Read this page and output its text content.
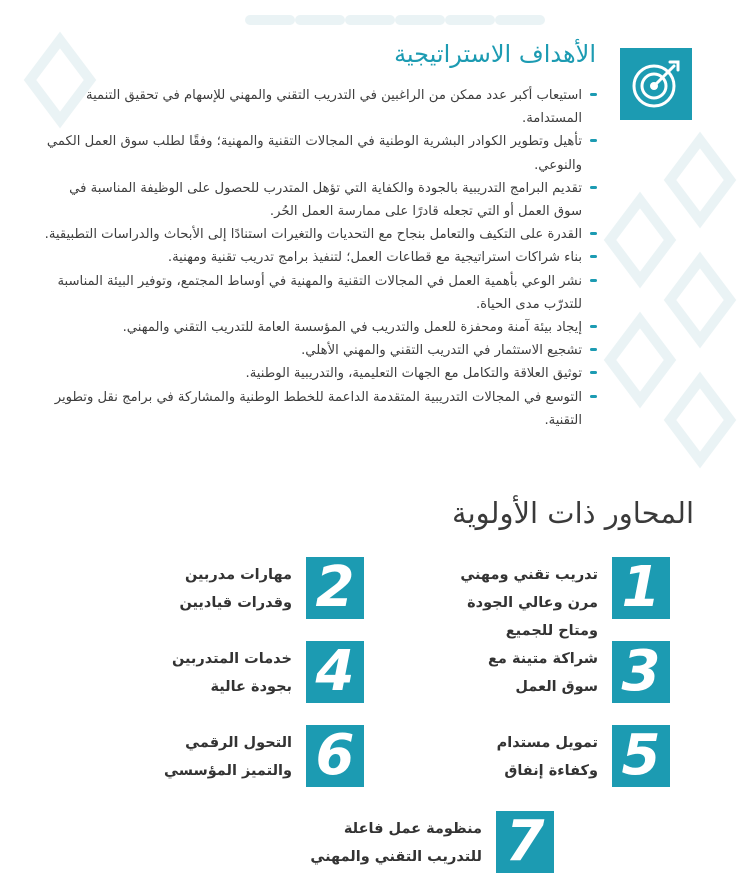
الأهداف الاستراتيجية
استيعاب أكبر عدد ممكن من الراغبين في التدريب التقني والمهني للإسهام في تحقيق التنمية المستدامة.
تأهيل وتطوير الكوادر البشرية الوطنية في المجالات التقنية والمهنية؛ وفقًا لطلب سوق العمل الكمي والنوعي.
تقديم البرامج التدريبية بالجودة والكفاية التي تؤهل المتدرب للحصول على الوظيفة المناسبة في سوق العمل أو التي تجعله قادرًا على ممارسة العمل الحُر.
القدرة على التكيف والتعامل بنجاح مع التحديات والتغيرات استنادًا إلى الأبحاث والدراسات التطبيقية.
بناء شراكات استراتيجية مع قطاعات العمل؛ لتنفيذ برامج تدريب تقنية ومهنية.
نشر الوعي بأهمية العمل في المجالات التقنية والمهنية في أوساط المجتمع، وتوفير البيئة المناسبة للتدرّب مدى الحياة.
إيجاد بيئة آمنة ومحفزة للعمل والتدريب في المؤسسة العامة للتدريب التقني والمهني.
تشجيع الاستثمار في التدريب التقني والمهني الأهلي.
توثيق العلاقة والتكامل مع الجهات التعليمية، والتدريبية الوطنية.
التوسع في المجالات التدريبية المتقدمة الداعمة للخطط الوطنية والمشاركة في برامج نقل وتطوير التقنية.
المحاور ذات الأولوية
1
تدريب تقني ومهني مرن وعالي الجودة ومتاح للجميع
2
مهارات مدربين وقدرات قياديين
3
شراكة متينة مع سوق العمل
4
خدمات المتدربين بجودة عالية
5
تمويل مستدام وكفاءة إنفاق
6
التحول الرقمي والتميز المؤسسي
7
منظومة عمل فاعلة للتدريب التقني والمهني
